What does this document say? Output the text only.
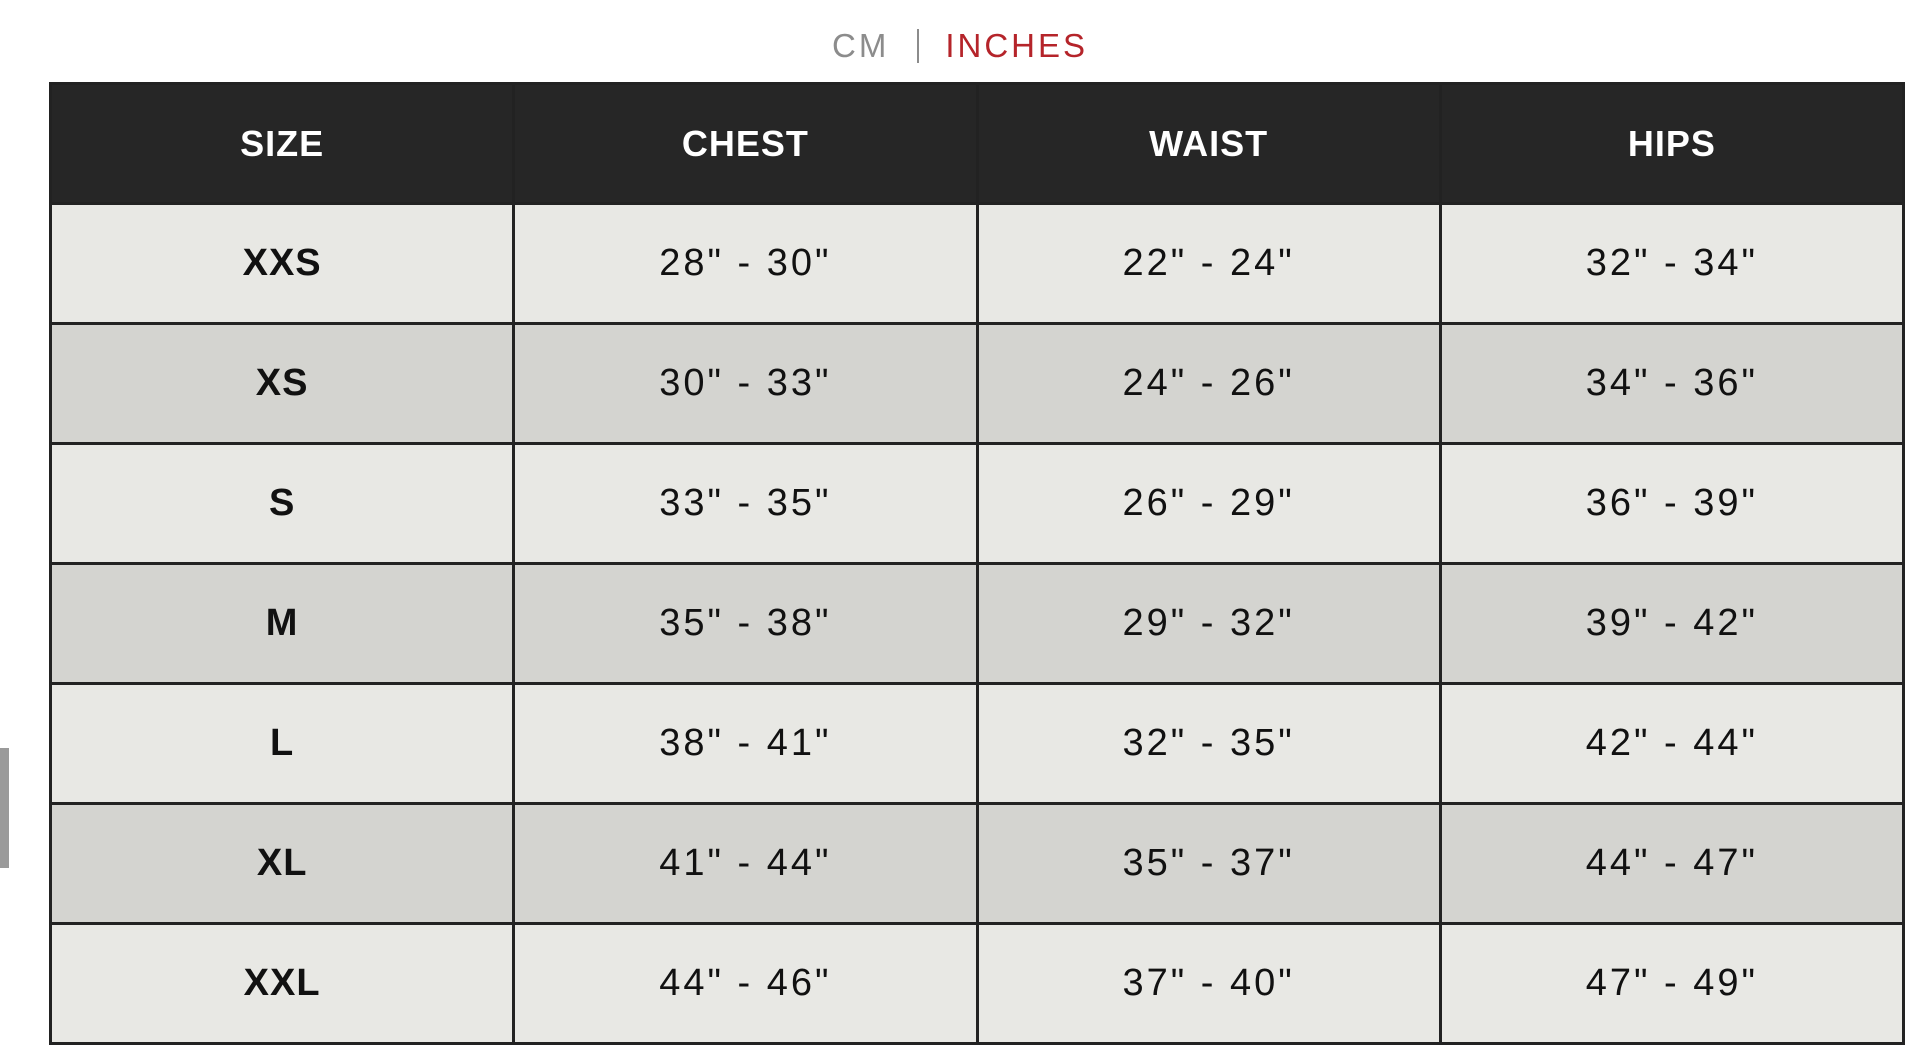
CM INCHES
SIZE	CHEST	WAIST	HIPS
XXS	28" - 30"	22" - 24"	32" - 34"
XS	30" - 33"	24" - 26"	34" - 36"
S	33" - 35"	26" - 29"	36" - 39"
M	35" - 38"	29" - 32"	39" - 42"
L	38" - 41"	32" - 35"	42" - 44"
XL	41" - 44"	35" - 37"	44" - 47"
XXL	44" - 46"	37" - 40"	47" - 49"
